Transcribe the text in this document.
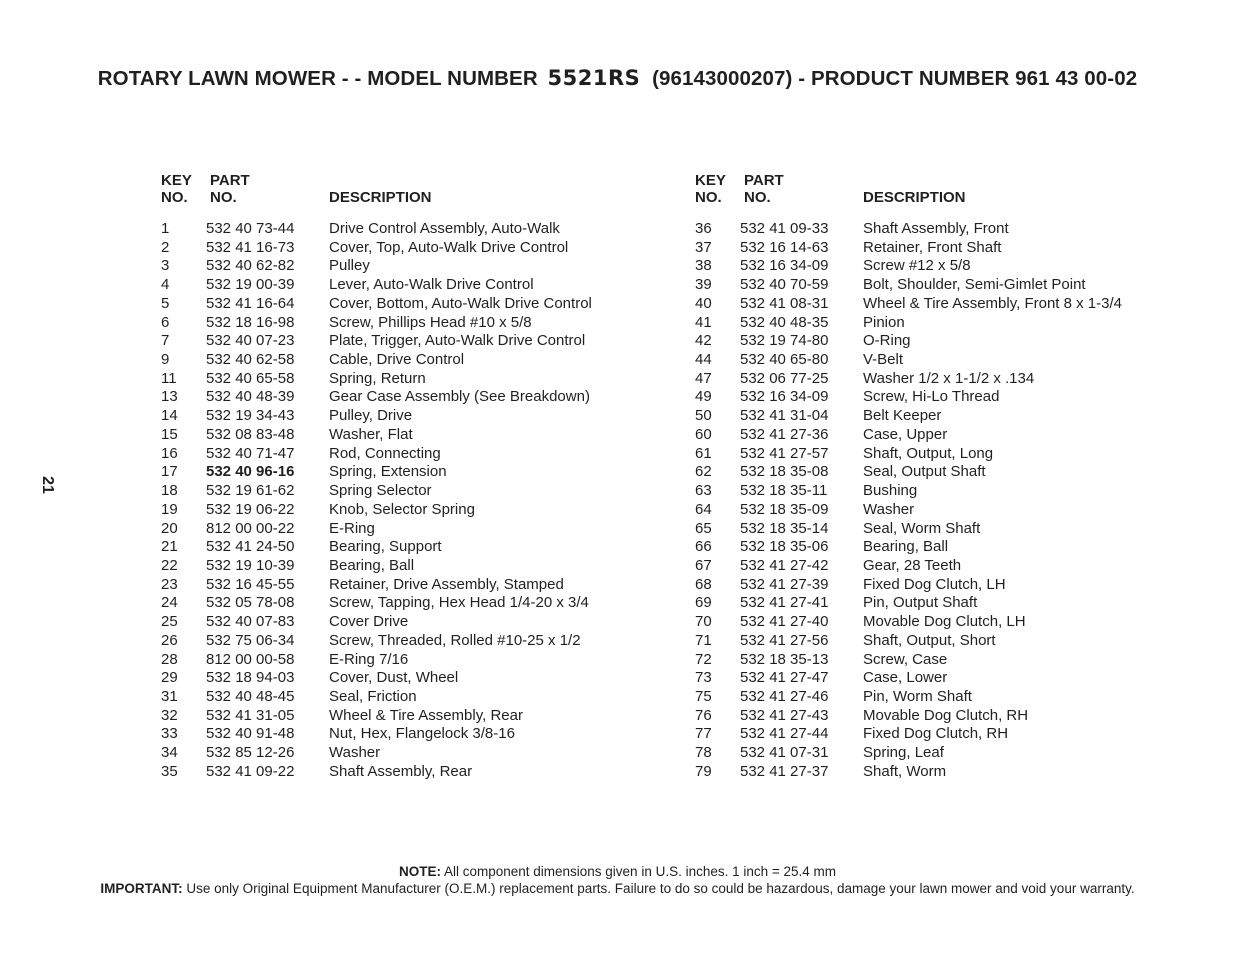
ROTARY LAWN MOWER - - MODEL NUMBER 5521RS (96143000207) - PRODUCT NUMBER 961 43 00-02
21
KEY
NO.
PART
NO.	DESCRIPTION
1 532 40 73-44 Drive Control Assembly, Auto-Walk
2 532 41 16-73 Cover, Top, Auto-Walk Drive Control
3 532 40 62-82 Pulley
4 532 19 00-39 Lever, Auto-Walk Drive Control
5 532 41 16-64 Cover, Bottom, Auto-Walk Drive Control
6 532 18 16-98 Screw, Phillips Head #10 x 5/8
7 532 40 07-23 Plate, Trigger, Auto-Walk Drive Control
9 532 40 62-58 Cable, Drive Control
11 532 40 65-58 Spring, Return
13 532 40 48-39 Gear Case Assembly (See Breakdown)
14 532 19 34-43 Pulley, Drive
15 532 08 83-48 Washer, Flat
16 532 40 71-47 Rod, Connecting
17 532 40 96-16 Spring, Extension
18 532 19 61-62 Spring Selector
19 532 19 06-22 Knob, Selector Spring
20 812 00 00-22 E-Ring
21 532 41 24-50 Bearing, Support
22 532 19 10-39 Bearing, Ball
23 532 16 45-55 Retainer, Drive Assembly, Stamped
24 532 05 78-08 Screw, Tapping, Hex Head 1/4-20 x 3/4
25 532 40 07-83 Cover Drive
26 532 75 06-34 Screw, Threaded, Rolled #10-25 x 1/2
28 812 00 00-58 E-Ring 7/16
29 532 18 94-03 Cover, Dust, Wheel
31 532 40 48-45 Seal, Friction
32 532 41 31-05 Wheel & Tire Assembly, Rear
33 532 40 91-48 Nut, Hex, Flangelock 3/8-16
34 532 85 12-26 Washer
35 532 41 09-22 Shaft Assembly, Rear
KEY
NO.
PART
NO.	DESCRIPTION
36 532 41 09-33 Shaft Assembly, Front
37 532 16 14-63 Retainer, Front Shaft
38 532 16 34-09 Screw #12 x 5/8
39 532 40 70-59 Bolt, Shoulder, Semi-Gimlet Point
40 532 41 08-31 Wheel & Tire Assembly, Front 8 x 1-3/4
41 532 40 48-35 Pinion
42 532 19 74-80 O-Ring
44 532 40 65-80 V-Belt
47 532 06 77-25 Washer 1/2 x 1-1/2 x .134
49 532 16 34-09 Screw, Hi-Lo Thread
50 532 41 31-04 Belt Keeper
60 532 41 27-36 Case, Upper
61 532 41 27-57 Shaft, Output, Long
62 532 18 35-08 Seal, Output Shaft
63 532 18 35-11 Bushing
64 532 18 35-09 Washer
65 532 18 35-14 Seal, Worm Shaft
66 532 18 35-06 Bearing, Ball
67 532 41 27-42 Gear, 28 Teeth
68 532 41 27-39 Fixed Dog Clutch, LH
69 532 41 27-41 Pin, Output Shaft
70 532 41 27-40 Movable Dog Clutch, LH
71 532 41 27-56 Shaft, Output, Short
72 532 18 35-13 Screw, Case
73 532 41 27-47 Case, Lower
75 532 41 27-46 Pin, Worm Shaft
76 532 41 27-43 Movable Dog Clutch, RH
77 532 41 27-44 Fixed Dog Clutch, RH
78 532 41 07-31 Spring, Leaf
79 532 41 27-37 Shaft, Worm
NOTE: All component dimensions given in U.S. inches. 1 inch = 25.4 mm
IMPORTANT: Use only Original Equipment Manufacturer (O.E.M.) replacement parts. Failure to do so could be hazardous, damage your lawn mower and void your warranty.
